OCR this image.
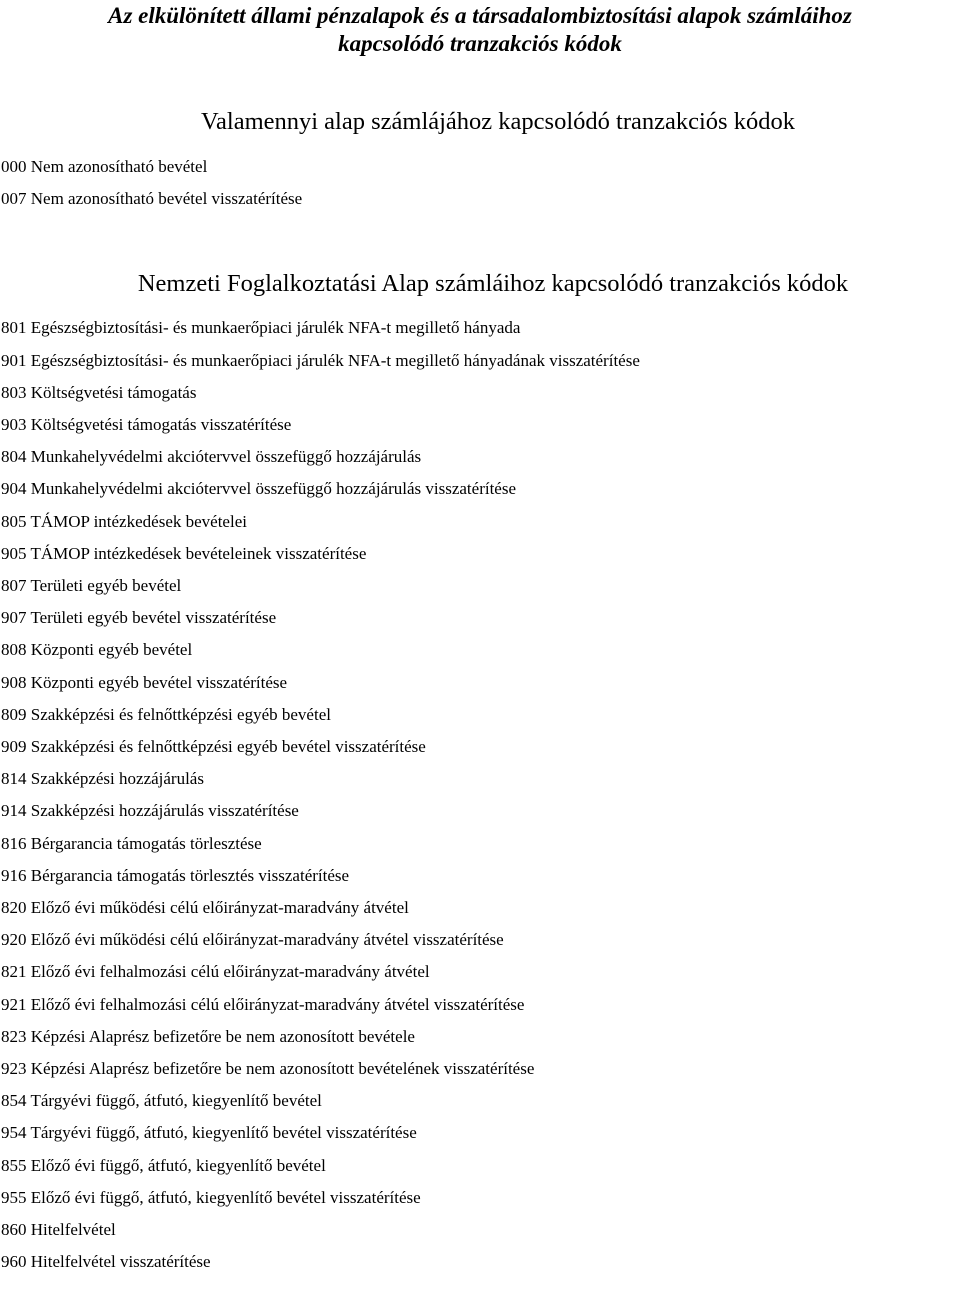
Az elkülönített állami pénzalapok és a társadalombiztosítási alapok számláihoz
kapcsolódó tranzakciós kódok
Valamennyi alap számlájához kapcsolódó tranzakciós kódok
000 Nem azonosítható bevétel
007 Nem azonosítható bevétel visszatérítése
Nemzeti Foglalkoztatási Alap számláihoz kapcsolódó tranzakciós kódok
801 Egészségbiztosítási- és munkaerőpiaci járulék NFA-t megillető hányada
901 Egészségbiztosítási- és munkaerőpiaci járulék NFA-t megillető hányadának visszatérítése
803 Költségvetési támogatás
903 Költségvetési támogatás visszatérítése
804 Munkahelyvédelmi akciótervvel összefüggő hozzájárulás
904 Munkahelyvédelmi akciótervvel összefüggő hozzájárulás visszatérítése
805 TÁMOP intézkedések bevételei
905 TÁMOP intézkedések bevételeinek visszatérítése
807 Területi egyéb bevétel
907 Területi egyéb bevétel visszatérítése
808 Központi egyéb bevétel
908 Központi egyéb bevétel visszatérítése
809 Szakképzési és felnőttképzési egyéb bevétel
909 Szakképzési és felnőttképzési egyéb bevétel visszatérítése
814 Szakképzési hozzájárulás
914 Szakképzési hozzájárulás visszatérítése
816 Bérgarancia támogatás törlesztése
916 Bérgarancia támogatás törlesztés visszatérítése
820 Előző évi működési célú előirányzat-maradvány átvétel
920 Előző évi működési célú előirányzat-maradvány átvétel visszatérítése
821 Előző évi felhalmozási célú előirányzat-maradvány átvétel
921 Előző évi felhalmozási célú előirányzat-maradvány átvétel visszatérítése
823 Képzési Alaprész befizetőre be nem azonosított bevétele
923 Képzési Alaprész befizetőre be nem azonosított bevételének visszatérítése
854 Tárgyévi függő, átfutó, kiegyenlítő bevétel
954 Tárgyévi függő, átfutó, kiegyenlítő bevétel visszatérítése
855 Előző évi függő, átfutó, kiegyenlítő bevétel
955 Előző évi függő, átfutó, kiegyenlítő bevétel visszatérítése
860 Hitelfelvétel
960 Hitelfelvétel visszatérítése
